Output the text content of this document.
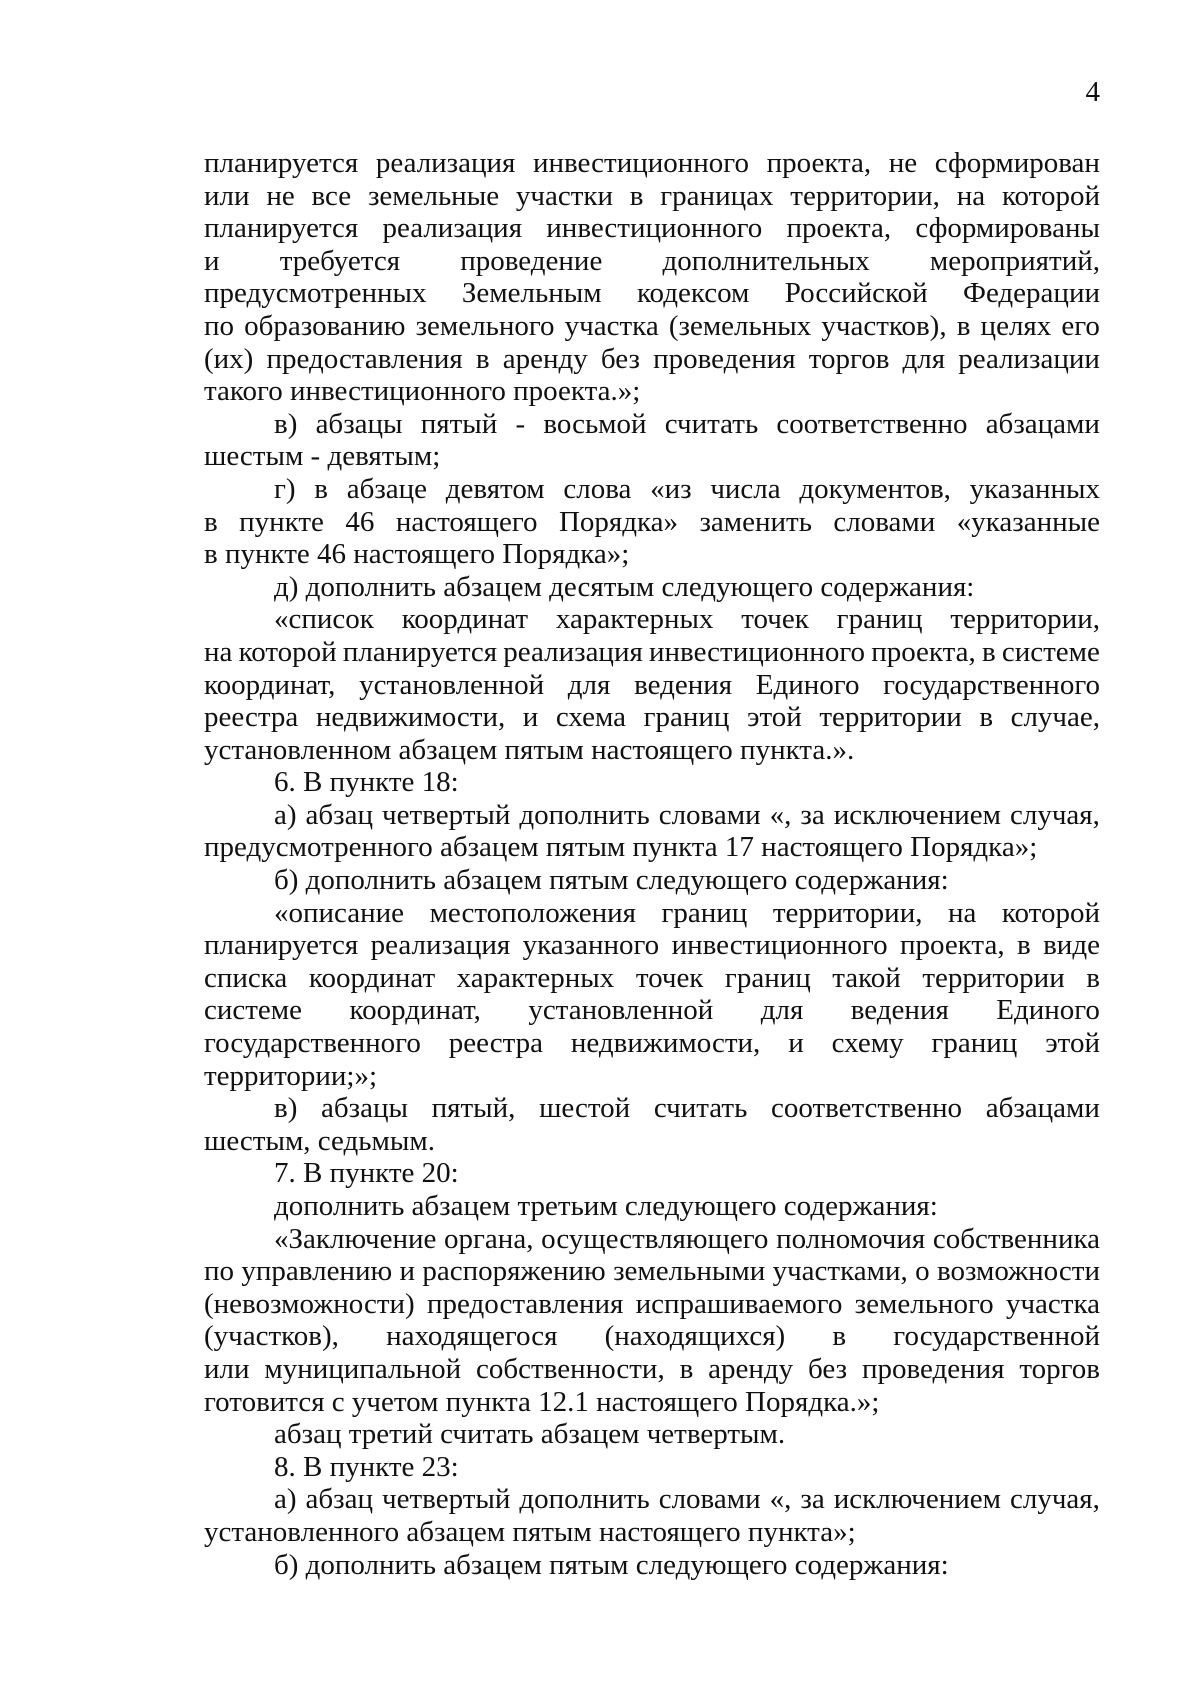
4
планируется реализация инвестиционного проекта, не сформирован
или не все земельные участки в границах территории, на которой
планируется реализация инвестиционного проекта, сформированы
и требуется проведение дополнительных мероприятий,
предусмотренных Земельным кодексом Российской Федерации
по образованию земельного участка (земельных участков), в целях его
(их) предоставления в аренду без проведения торгов для реализации
такого инвестиционного проекта.»;
в) абзацы пятый - восьмой считать соответственно абзацами
шестым - девятым;
г) в абзаце девятом слова «из числа документов, указанных
в пункте 46 настоящего Порядка» заменить словами «указанные
в пункте 46 настоящего Порядка»;
д) дополнить абзацем десятым следующего содержания:
«список координат характерных точек границ территории,
на которой планируется реализация инвестиционного проекта, в системе
координат, установленной для ведения Единого государственного
реестра недвижимости, и схема границ этой территории в случае,
установленном абзацем пятым настоящего пункта.».
6. В пункте 18:
а) абзац четвертый дополнить словами «, за исключением случая,
предусмотренного абзацем пятым пункта 17 настоящего Порядка»;
б) дополнить абзацем пятым следующего содержания:
«описание местоположения границ территории, на которой
планируется реализация указанного инвестиционного проекта, в виде
списка координат характерных точек границ такой территории в
системе координат, установленной для ведения Единого
государственного реестра недвижимости, и схему границ этой
территории;»;
в) абзацы пятый, шестой считать соответственно абзацами
шестым, седьмым.
7. В пункте 20:
дополнить абзацем третьим следующего содержания:
«Заключение органа, осуществляющего полномочия собственника
по управлению и распоряжению земельными участками, о возможности
(невозможности) предоставления испрашиваемого земельного участка
(участков), находящегося (находящихся) в государственной
или муниципальной собственности, в аренду без проведения торгов
готовится с учетом пункта 12.1 настоящего Порядка.»;
абзац третий считать абзацем четвертым.
8. В пункте 23:
а) абзац четвертый дополнить словами «, за исключением случая,
установленного абзацем пятым настоящего пункта»;
б) дополнить абзацем пятым следующего содержания:
